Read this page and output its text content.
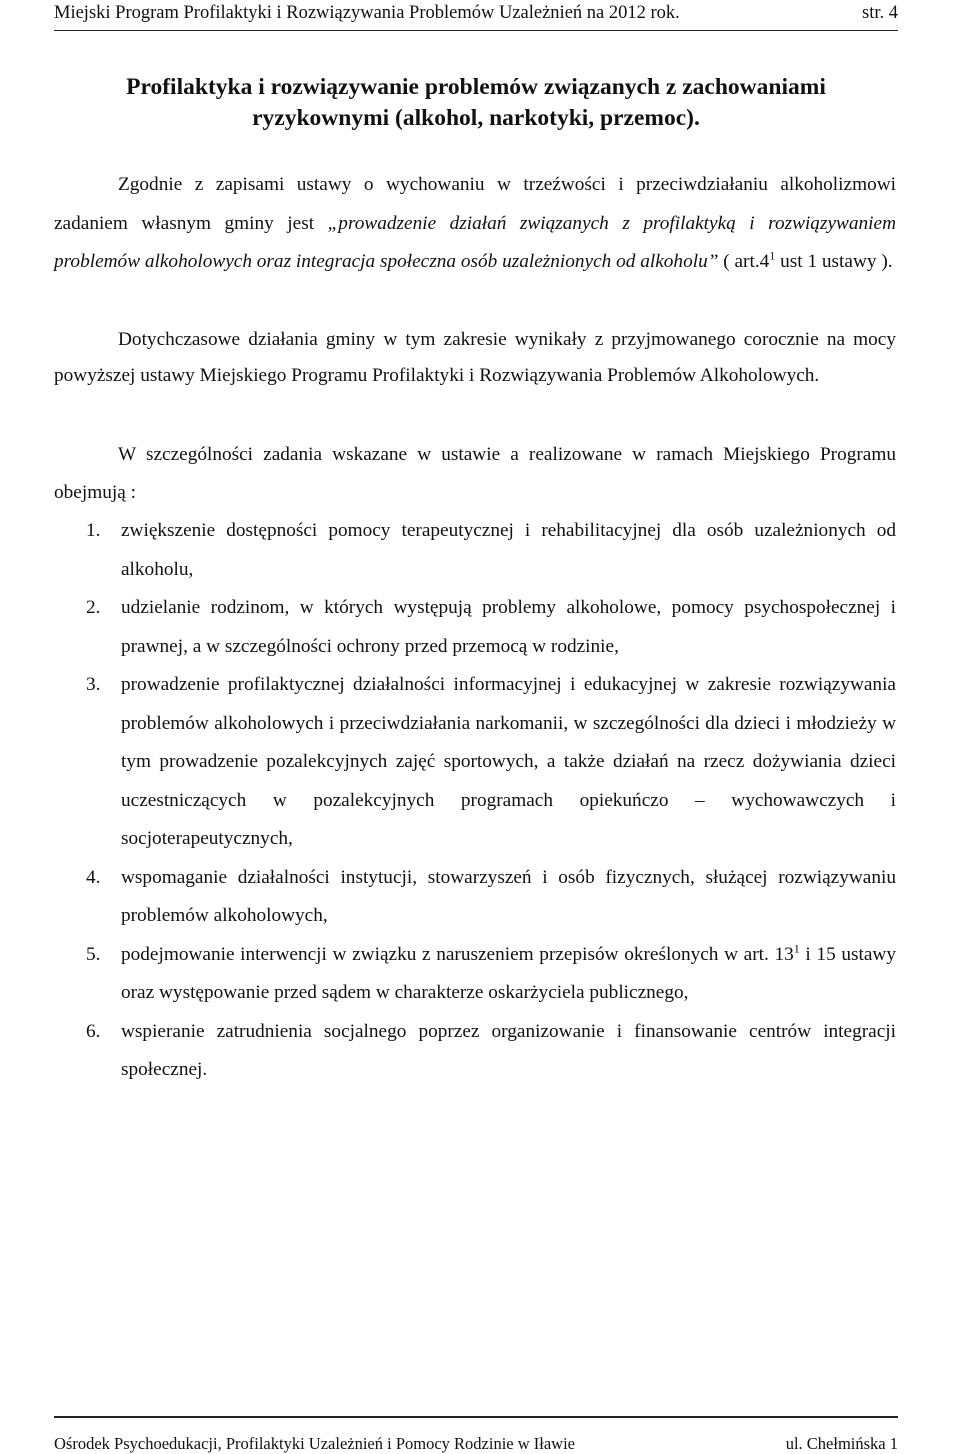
Miejski Program Profilaktyki i Rozwiązywania Problemów Uzależnień na 2012 rok.	str. 4
Profilaktyka i rozwiązywanie problemów związanych z zachowaniami
ryzykownymi (alkohol, narkotyki, przemoc).

Zgodnie z zapisami ustawy o wychowaniu w trzeźwości i przeciwdziałaniu alkoholizmowi zadaniem własnym gminy jest „prowadzenie działań związanych z profilaktyką i rozwiązywaniem problemów alkoholowych oraz integracja społeczna osób uzależnionych od alkoholu” ( $art.4^1$ ust 1 ustawy ).

Dotychczasowe działania gminy w tym zakresie wynikały z przyjmowanego corocznie na mocy powyższej ustawy Miejskiego Programu Profilaktyki i Rozwiązywania Problemów Alkoholowych.

W szczególności zadania wskazane w ustawie a realizowane w ramach Miejskiego Programu obejmują :

1. zwiększenie dostępności pomocy terapeutycznej i rehabilitacyjnej dla osób uzależnionych od alkoholu,
2. udzielanie rodzinom, w których występują problemy alkoholowe, pomocy psychospołecznej i prawnej, a w szczególności ochrony przed przemocą w rodzinie,
3. prowadzenie profilaktycznej działalności informacyjnej i edukacyjnej w zakresie rozwiązywania problemów alkoholowych i przeciwdziałania narkomanii, w szczególności dla dzieci i młodzieży w tym prowadzenie pozalekcyjnych zajęć sportowych, a także działań na rzecz dożywiania dzieci uczestniczących w pozalekcyjnych programach opiekuńczo – wychowawczych i socjoterapeutycznych,
4. wspomaganie działalności instytucji, stowarzyszeń i osób fizycznych, służącej rozwiązywaniu problemów alkoholowych,
5. podejmowanie interwencji w związku z naruszeniem przepisów określonych w art. $13^1$ i 15 ustawy oraz występowanie przed sądem w charakterze oskarżyciela publicznego,
6. wspieranie zatrudnienia socjalnego poprzez organizowanie i finansowanie centrów integracji społecznej.
Ośrodek Psychoedukacji, Profilaktyki Uzależnień i Pomocy Rodzinie w Iławie	ul. Chełmińska 1
